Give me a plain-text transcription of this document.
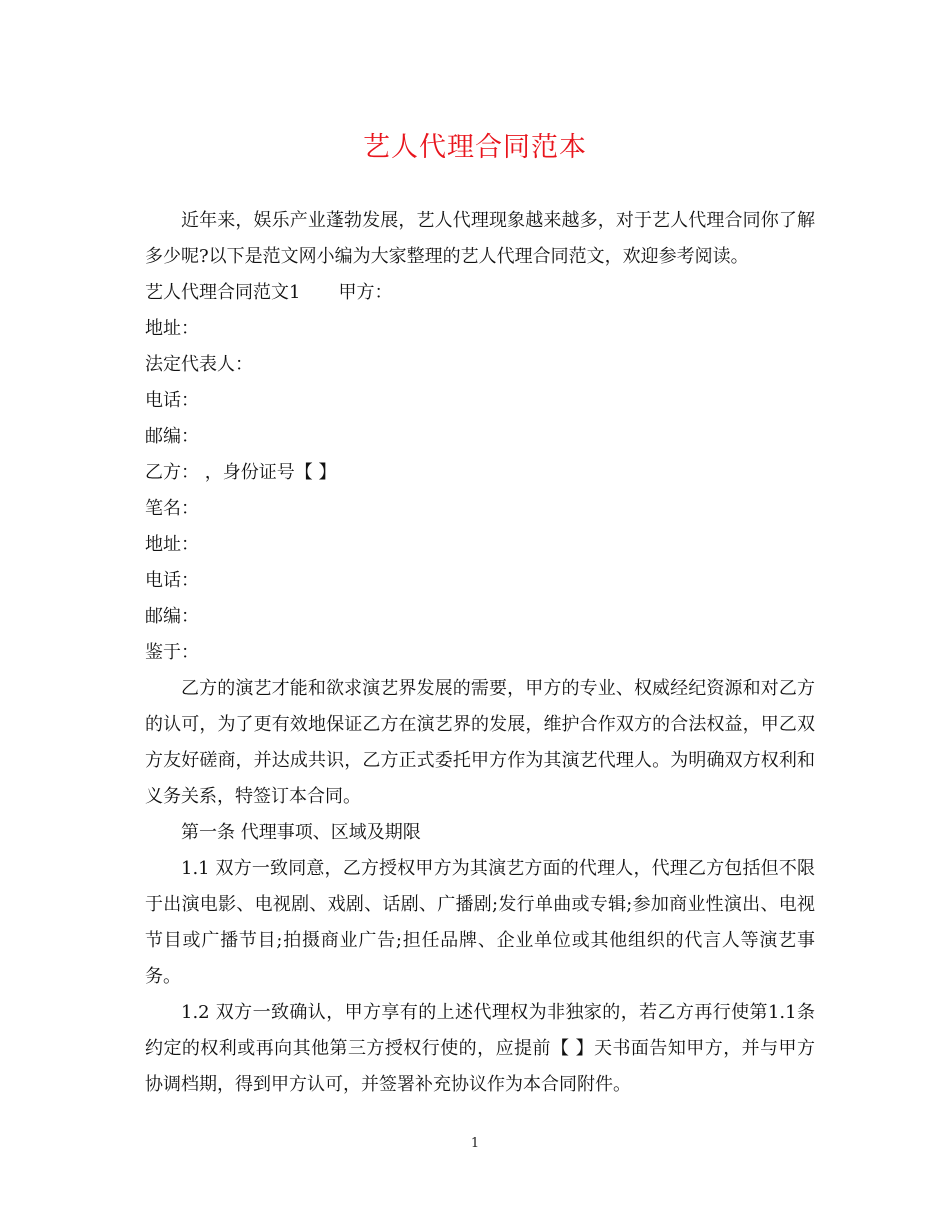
艺人代理合同范本

近年来，娱乐产业蓬勃发展，艺人代理现象越来越多，对于艺人代理合同你了解多少呢?以下是范文网小编为大家整理的艺人代理合同范文，欢迎参考阅读。

艺人代理合同范文1 甲方：

地址：

法定代表人：

电话：

邮编：

乙方： ，身份证号【 】

笔名：

地址：

电话：

邮编：

鉴于：

乙方的演艺才能和欲求演艺界发展的需要，甲方的专业、权威经纪资源和对乙方的认可，为了更有效地保证乙方在演艺界的发展，维护合作双方的合法权益，甲乙双方友好磋商，并达成共识，乙方正式委托甲方作为其演艺代理人。为明确双方权利和义务关系，特签订本合同。

第一条 代理事项、区域及期限

1.1 双方一致同意，乙方授权甲方为其演艺方面的代理人，代理乙方包括但不限于出演电影、电视剧、戏剧、话剧、广播剧;发行单曲或专辑;参加商业性演出、电视节目或广播节目;拍摄商业广告;担任品牌、企业单位或其他组织的代言人等演艺事务。

1.2 双方一致确认，甲方享有的上述代理权为非独家的，若乙方再行使第1.1条约定的权利或再向其他第三方授权行使的，应提前【 】天书面告知甲方，并与甲方协调档期，得到甲方认可，并签署补充协议作为本合同附件。

1
